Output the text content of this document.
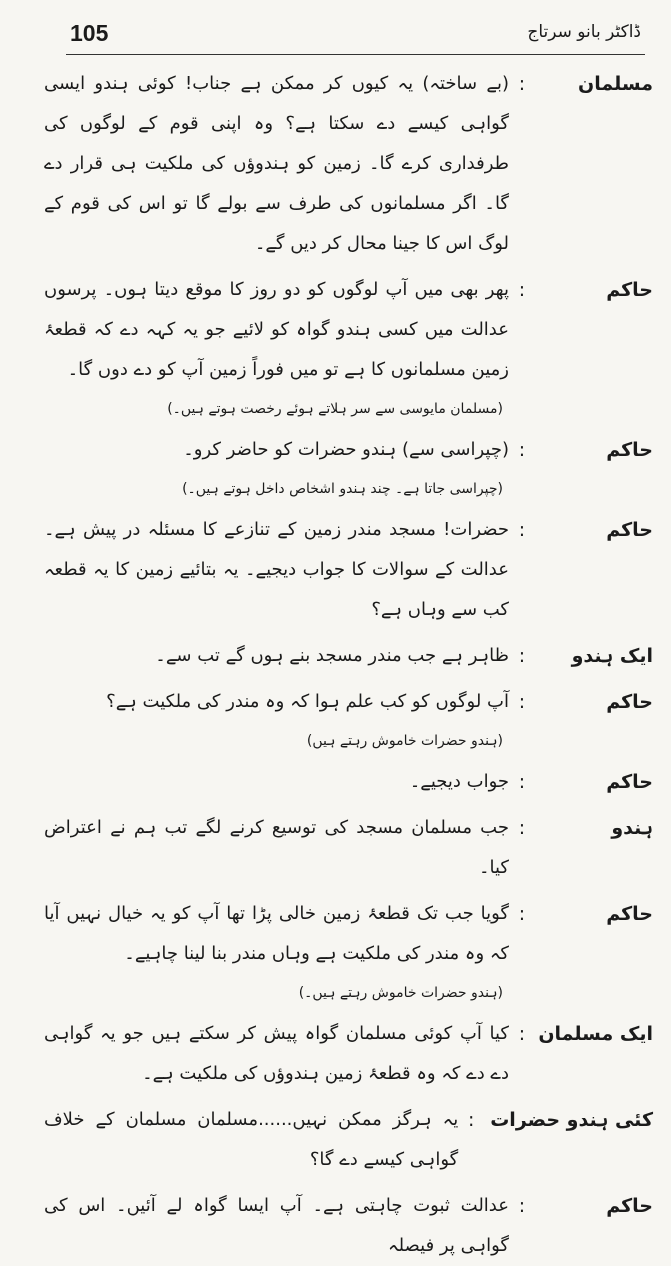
105	ڈاکٹر بانو سرتاج
مسلمان
:
(بے ساختہ) یہ کیوں کر ممکن ہے جناب! کوئی ہندو ایسی گواہی کیسے دے سکتا ہے؟ وہ اپنی قوم کے لوگوں کی طرفداری کرے گا۔ زمین کو ہندوؤں کی ملکیت ہی قرار دے گا۔ اگر مسلمانوں کی طرف سے بولے گا تو اس کی قوم کے لوگ اس کا جینا محال کر دیں گے۔
حاکم
:
پھر بھی میں آپ لوگوں کو دو روز کا موقع دیتا ہوں۔ پرسوں عدالت میں کسی ہندو گواہ کو لائیے جو یہ کہہ دے کہ قطعۂ زمین مسلمانوں کا ہے تو میں فوراً زمین آپ کو دے دوں گا۔
(مسلمان مایوسی سے سر ہلاتے ہوئے رخصت ہوتے ہیں۔)
حاکم
:
(چپراسی سے) ہندو حضرات کو حاضر کرو۔
(چپراسی جاتا ہے۔ چند ہندو اشخاص داخل ہوتے ہیں۔)
حاکم
:
حضرات! مسجد مندر زمین کے تنازعے کا مسئلہ در پیش ہے۔ عدالت کے سوالات کا جواب دیجیے۔ یہ بتائیے زمین کا یہ قطعہ کب سے وہاں ہے؟
ایک ہندو
:
ظاہر ہے جب مندر مسجد بنے ہوں گے تب سے۔
حاکم
:
آپ لوگوں کو کب علم ہوا کہ وہ مندر کی ملکیت ہے؟
(ہندو حضرات خاموش رہتے ہیں)
حاکم
:
جواب دیجیے۔
ہندو
:
جب مسلمان مسجد کی توسیع کرنے لگے تب ہم نے اعتراض کیا۔
حاکم
:
گویا جب تک قطعۂ زمین خالی پڑا تھا آپ کو یہ خیال نہیں آیا کہ وہ مندر کی ملکیت ہے وہاں مندر بنا لینا چاہیے۔
(ہندو حضرات خاموش رہتے ہیں۔)
ایک مسلمان
:
کیا آپ کوئی مسلمان گواہ پیش کر سکتے ہیں جو یہ گواہی دے دے کہ وہ قطعۂ زمین ہندوؤں کی ملکیت ہے۔
کئی ہندو حضرات
:
یہ ہرگز ممکن نہیں......مسلمان مسلمان کے خلاف گواہی کیسے دے گا؟
حاکم
:
عدالت ثبوت چاہتی ہے۔ آپ ایسا گواہ لے آئیں۔ اس کی گواہی پر فیصلہ
